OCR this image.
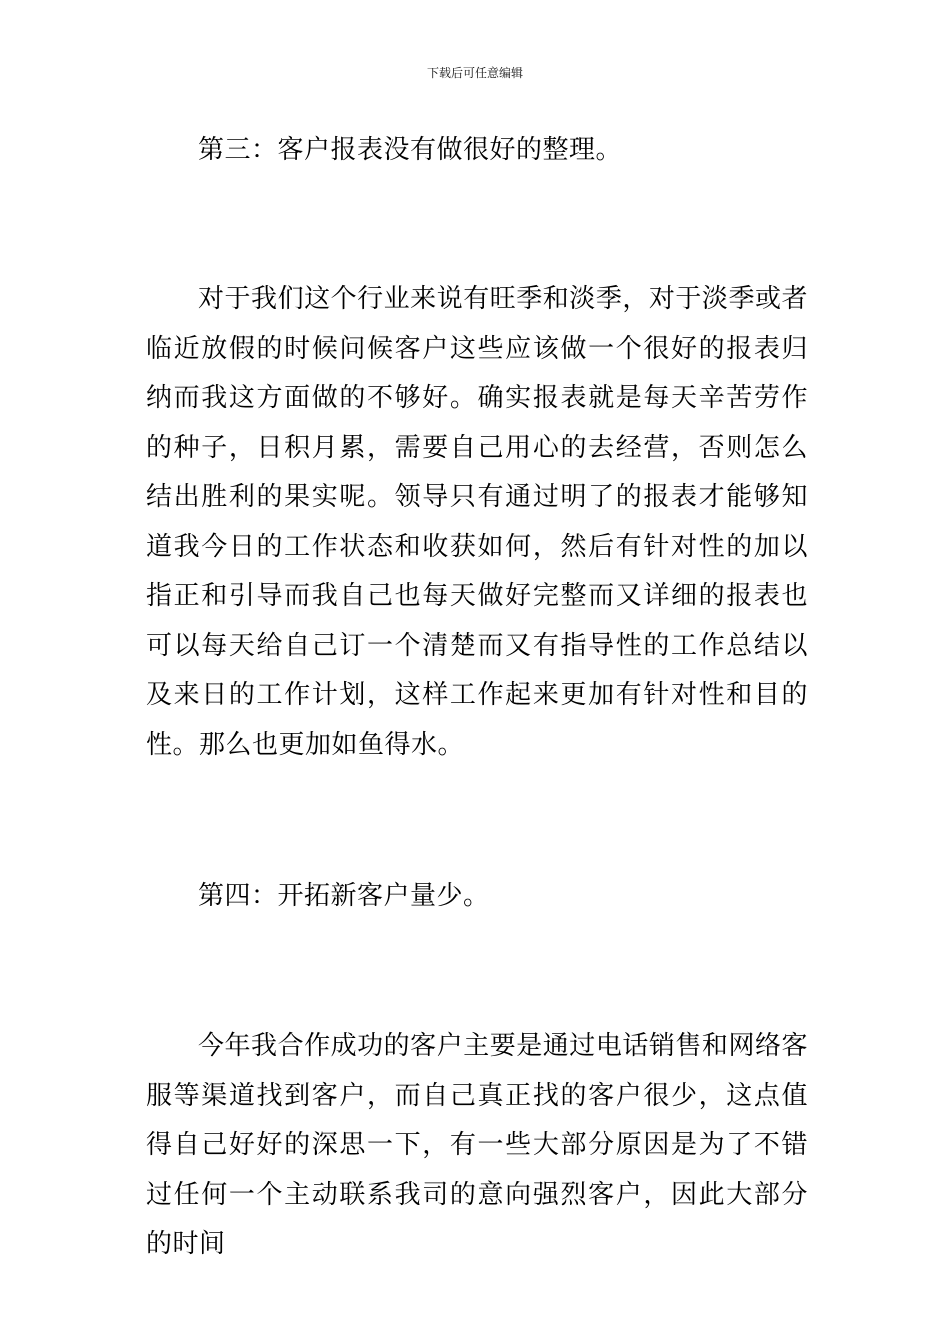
下载后可任意编辑

第三：客户报表没有做很好的整理。

对于我们这个行业来说有旺季和淡季，对于淡季或者临近放假的时候问候客户这些应该做一个很好的报表归纳而我这方面做的不够好。确实报表就是每天辛苦劳作的种子，日积月累，需要自己用心的去经营，否则怎么结出胜利的果实呢。领导只有通过明了的报表才能够知道我今日的工作状态和收获如何，然后有针对性的加以指正和引导而我自己也每天做好完整而又详细的报表也可以每天给自己订一个清楚而又有指导性的工作总结以及来日的工作计划，这样工作起来更加有针对性和目的性。那么也更加如鱼得水。

第四：开拓新客户量少。

今年我合作成功的客户主要是通过电话销售和网络客服等渠道找到客户，而自己真正找的客户很少，这点值得自己好好的深思一下，有一些大部分原因是为了不错过任何一个主动联系我司的意向强烈客户，因此大部分的时间
